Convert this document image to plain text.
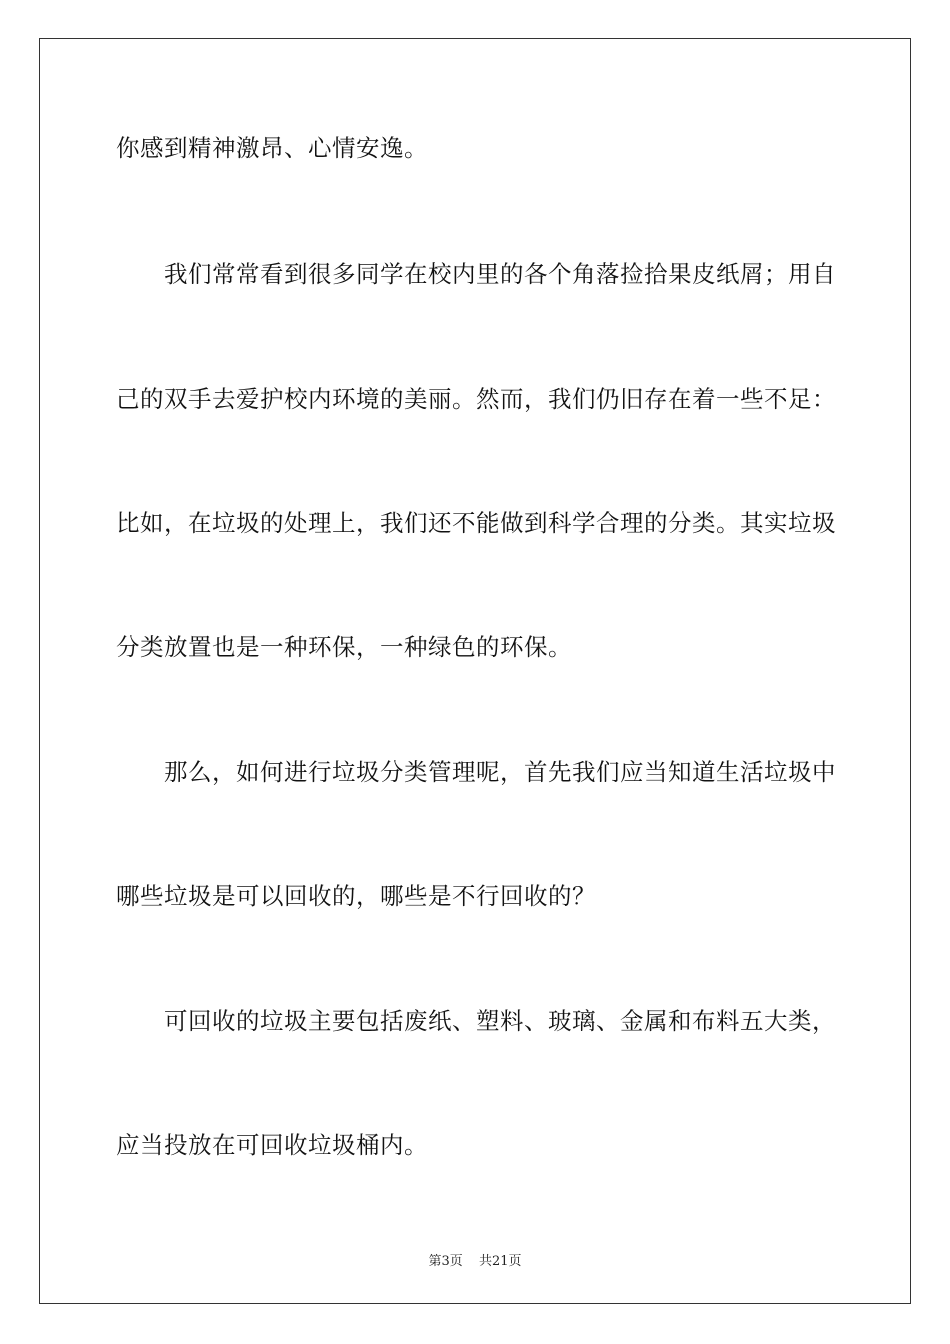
你感到精神激昂、心情安逸。
我们常常看到很多同学在校内里的各个角落捡拾果皮纸屑；用自
己的双手去爱护校内环境的美丽。然而，我们仍旧存在着一些不足：
比如，在垃圾的处理上，我们还不能做到科学合理的分类。其实垃圾
分类放置也是一种环保，一种绿色的环保。
那么，如何进行垃圾分类管理呢，首先我们应当知道生活垃圾中
哪些垃圾是可以回收的，哪些是不行回收的？
可回收的垃圾主要包括废纸、塑料、玻璃、金属和布料五大类，
应当投放在可回收垃圾桶内。
第3页 共21页
